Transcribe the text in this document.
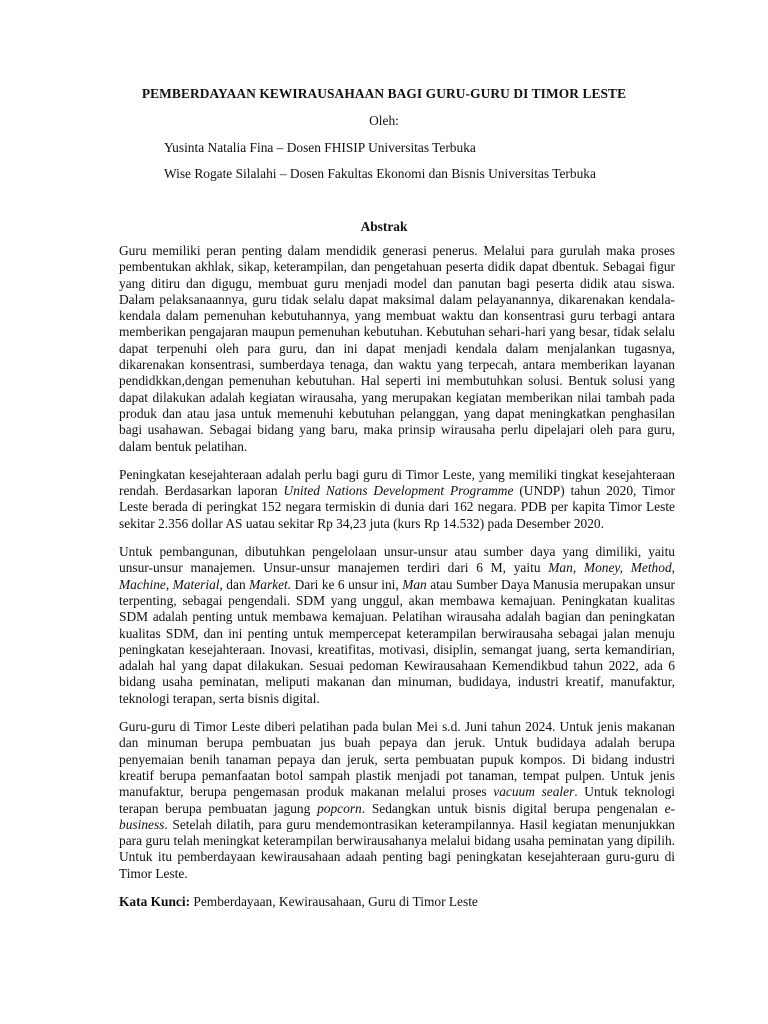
PEMBERDAYAAN KEWIRAUSAHAAN BAGI GURU-GURU DI TIMOR LESTE
Oleh:
Yusinta Natalia Fina – Dosen FHISIP Universitas Terbuka
Wise Rogate Silalahi – Dosen Fakultas Ekonomi dan Bisnis Universitas Terbuka
Abstrak

Guru memiliki peran penting dalam mendidik generasi penerus. Melalui para gurulah maka proses pembentukan akhlak, sikap, keterampilan, dan pengetahuan peserta didik dapat dbentuk. Sebagai figur yang ditiru dan digugu, membuat guru menjadi model dan panutan bagi peserta didik atau siswa. Dalam pelaksanaannya, guru tidak selalu dapat maksimal dalam pelayanannya, dikarenakan kendala-kendala dalam pemenuhan kebutuhannya, yang membuat waktu dan konsentrasi guru terbagi antara memberikan pengajaran maupun pemenuhan kebutuhan. Kebutuhan sehari-hari yang besar, tidak selalu dapat terpenuhi oleh para guru, dan ini dapat menjadi kendala dalam menjalankan tugasnya, dikarenakan konsentrasi, sumberdaya tenaga, dan waktu yang terpecah, antara memberikan layanan pendidkkan,dengan pemenuhan kebutuhan. Hal seperti ini membutuhkan solusi. Bentuk solusi yang dapat dilakukan adalah kegiatan wirausaha, yang merupakan kegiatan memberikan nilai tambah pada produk dan atau jasa untuk memenuhi kebutuhan pelanggan, yang dapat meningkatkan penghasilan bagi usahawan. Sebagai bidang yang baru, maka prinsip wirausaha perlu dipelajari oleh para guru, dalam bentuk pelatihan.

Peningkatan kesejahteraan adalah perlu bagi guru di Timor Leste, yang memiliki tingkat kesejahteraan rendah. Berdasarkan laporan United Nations Development Programme (UNDP) tahun 2020, Timor Leste berada di peringkat 152 negara termiskin di dunia dari 162 negara. PDB per kapita Timor Leste sekitar 2.356 dollar AS uatau sekitar Rp 34,23 juta (kurs Rp 14.532) pada Desember 2020.

Untuk pembangunan, dibutuhkan pengelolaan unsur-unsur atau sumber daya yang dimiliki, yaitu unsur-unsur manajemen. Unsur-unsur manajemen terdiri dari 6 M, yaitu Man, Money, Method, Machine, Material, dan Market. Dari ke 6 unsur ini, Man atau Sumber Daya Manusia merupakan unsur terpenting, sebagai pengendali. SDM yang unggul, akan membawa kemajuan. Peningkatan kualitas SDM adalah penting untuk membawa kemajuan. Pelatihan wirausaha adalah bagian dan peningkatan kualitas SDM, dan ini penting untuk mempercepat keterampilan berwirausaha sebagai jalan menuju peningkatan kesejahteraan. Inovasi, kreatifitas, motivasi, disiplin, semangat juang, serta kemandirian, adalah hal yang dapat dilakukan. Sesuai pedoman Kewirausahaan Kemendikbud tahun 2022, ada 6 bidang usaha peminatan, meliputi makanan dan minuman, budidaya, industri kreatif, manufaktur, teknologi terapan, serta bisnis digital.

Guru-guru di Timor Leste diberi pelatihan pada bulan Mei s.d. Juni tahun 2024. Untuk jenis makanan dan minuman berupa pembuatan jus buah pepaya dan jeruk. Untuk budidaya adalah berupa penyemaian benih tanaman pepaya dan jeruk, serta pembuatan pupuk kompos. Di bidang industri kreatif berupa pemanfaatan botol sampah plastik menjadi pot tanaman, tempat pulpen. Untuk jenis manufaktur, berupa pengemasan produk makanan melalui proses vacuum sealer. Untuk teknologi terapan berupa pembuatan jagung popcorn. Sedangkan untuk bisnis digital berupa pengenalan e-business. Setelah dilatih, para guru mendemontrasikan keterampilannya. Hasil kegiatan menunjukkan para guru telah meningkat keterampilan berwirausahanya melalui bidang usaha peminatan yang dipilih. Untuk itu pemberdayaan kewirausahaan adaah penting bagi peningkatan kesejahteraan guru-guru di Timor Leste.

Kata Kunci: Pemberdayaan, Kewirausahaan, Guru di Timor Leste
